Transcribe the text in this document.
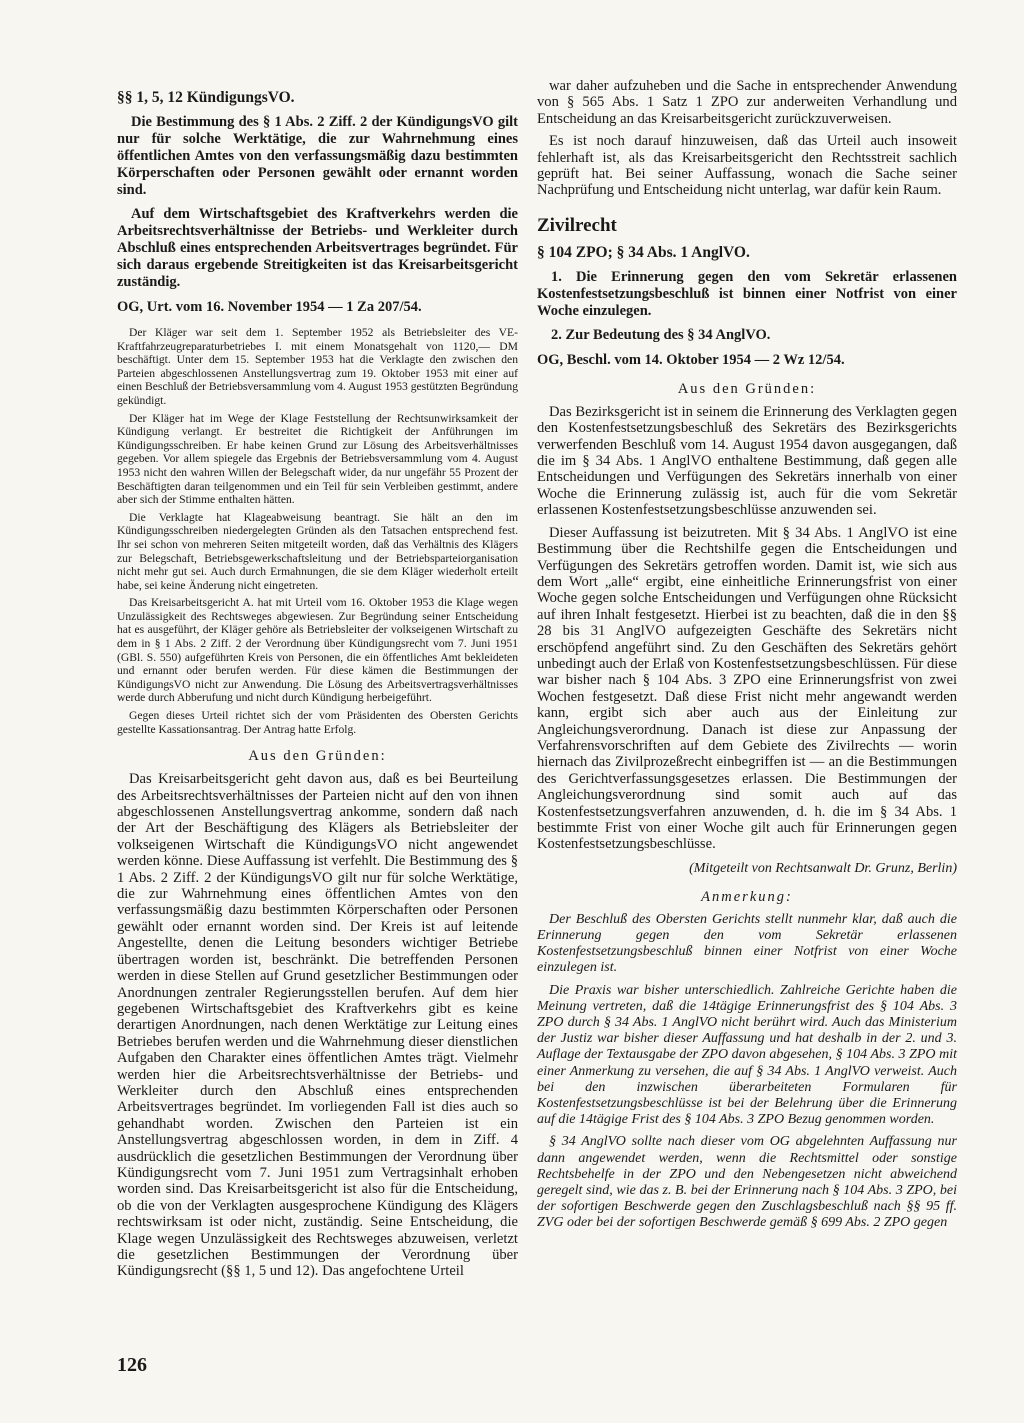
§§ 1, 5, 12 KündigungsVO.

Die Bestimmung des § 1 Abs. 2 Ziff. 2 der KündigungsVO gilt nur für solche Werktätige, die zur Wahrnehmung eines öffentlichen Amtes von den verfassungsmäßig dazu bestimmten Körperschaften oder Personen gewählt oder ernannt worden sind.

Auf dem Wirtschaftsgebiet des Kraftverkehrs werden die Arbeitsrechtsverhältnisse der Betriebs- und Werkleiter durch Abschluß eines entsprechenden Arbeitsvertrages begründet. Für sich daraus ergebende Streitigkeiten ist das Kreisarbeitsgericht zuständig.

OG, Urt. vom 16. November 1954 — 1 Za 207/54.

Der Kläger war seit dem 1. September 1952 als Betriebsleiter des VE-Kraftfahrzeugreparaturbetriebes I. mit einem Monatsgehalt von 1120,— DM beschäftigt. Unter dem 15. September 1953 hat die Verklagte den zwischen den Parteien abgeschlossenen Anstellungsvertrag zum 19. Oktober 1953 mit einer auf einen Beschluß der Betriebsversammlung vom 4. August 1953 gestützten Begründung gekündigt.

Der Kläger hat im Wege der Klage Feststellung der Rechtsunwirksamkeit der Kündigung verlangt. Er bestreitet die Richtigkeit der Anführungen im Kündigungsschreiben. Er habe keinen Grund zur Lösung des Arbeitsverhältnisses gegeben. Vor allem spiegele das Ergebnis der Betriebsversammlung vom 4. August 1953 nicht den wahren Willen der Belegschaft wider, da nur ungefähr 55 Prozent der Beschäftigten daran teilgenommen und ein Teil für sein Verbleiben gestimmt, andere aber sich der Stimme enthalten hätten.

Die Verklagte hat Klageabweisung beantragt. Sie hält an den im Kündigungsschreiben niedergelegten Gründen als den Tatsachen entsprechend fest. Ihr sei schon von mehreren Seiten mitgeteilt worden, daß das Verhältnis des Klägers zur Belegschaft, Betriebsgewerkschaftsleitung und der Betriebsparteiorganisation nicht mehr gut sei. Auch durch Ermahnungen, die sie dem Kläger wiederholt erteilt habe, sei keine Änderung nicht eingetreten.

Das Kreisarbeitsgericht A. hat mit Urteil vom 16. Oktober 1953 die Klage wegen Unzulässigkeit des Rechtsweges abgewiesen. Zur Begründung seiner Entscheidung hat es ausgeführt, der Kläger gehöre als Betriebsleiter der volkseigenen Wirtschaft zu dem in § 1 Abs. 2 Ziff. 2 der Verordnung über Kündigungsrecht vom 7. Juni 1951 (GBl. S. 550) aufgeführten Kreis von Personen, die ein öffentliches Amt bekleideten und ernannt oder berufen werden. Für diese kämen die Bestimmungen der KündigungsVO nicht zur Anwendung. Die Lösung des Arbeitsvertragsverhältnisses werde durch Abberufung und nicht durch Kündigung herbeigeführt.

Gegen dieses Urteil richtet sich der vom Präsidenten des Obersten Gerichts gestellte Kassationsantrag. Der Antrag hatte Erfolg.

Aus den Gründen:

Das Kreisarbeitsgericht geht davon aus, daß es bei Beurteilung des Arbeitsrechtsverhältnisses der Parteien nicht auf den von ihnen abgeschlossenen Anstellungsvertrag ankomme, sondern daß nach der Art der Beschäftigung des Klägers als Betriebsleiter der volkseigenen Wirtschaft die KündigungsVO nicht angewendet werden könne. Diese Auffassung ist verfehlt. Die Bestimmung des § 1 Abs. 2 Ziff. 2 der KündigungsVO gilt nur für solche Werktätige, die zur Wahrnehmung eines öffentlichen Amtes von den verfassungsmäßig dazu bestimmten Körperschaften oder Personen gewählt oder ernannt worden sind. Der Kreis ist auf leitende Angestellte, denen die Leitung besonders wichtiger Betriebe übertragen worden ist, beschränkt. Die betreffenden Personen werden in diese Stellen auf Grund gesetzlicher Bestimmungen oder Anordnungen zentraler Regierungsstellen berufen. Auf dem hier gegebenen Wirtschaftsgebiet des Kraftverkehrs gibt es keine derartigen Anordnungen, nach denen Werktätige zur Leitung eines Betriebes berufen werden und die Wahrnehmung dieser dienstlichen Aufgaben den Charakter eines öffentlichen Amtes trägt. Vielmehr werden hier die Arbeitsrechtsverhältnisse der Betriebs- und Werkleiter durch den Abschluß eines entsprechenden Arbeitsvertrages begründet. Im vorliegenden Fall ist dies auch so gehandhabt worden. Zwischen den Parteien ist ein Anstellungsvertrag abgeschlossen worden, in dem in Ziff. 4 ausdrücklich die gesetzlichen Bestimmungen der Verordnung über Kündigungsrecht vom 7. Juni 1951 zum Vertragsinhalt erhoben worden sind. Das Kreisarbeitsgericht ist also für die Entscheidung, ob die von der Verklagten ausgesprochene Kündigung des Klägers rechtswirksam ist oder nicht, zuständig. Seine Entscheidung, die Klage wegen Unzulässigkeit des Rechtsweges abzuweisen, verletzt die gesetzlichen Bestimmungen der Verordnung über Kündigungsrecht (§§ 1, 5 und 12). Das angefochtene Urteil

war daher aufzuheben und die Sache in entsprechender Anwendung von § 565 Abs. 1 Satz 1 ZPO zur anderweiten Verhandlung und Entscheidung an das Kreisarbeitsgericht zurückzuverweisen.

Es ist noch darauf hinzuweisen, daß das Urteil auch insoweit fehlerhaft ist, als das Kreisarbeitsgericht den Rechtsstreit sachlich geprüft hat. Bei seiner Auffassung, wonach die Sache seiner Nachprüfung und Entscheidung nicht unterlag, war dafür kein Raum.

Zivilrecht

§ 104 ZPO; § 34 Abs. 1 AnglVO.

1. Die Erinnerung gegen den vom Sekretär erlassenen Kostenfestsetzungsbeschluß ist binnen einer Notfrist von einer Woche einzulegen.

2. Zur Bedeutung des § 34 AnglVO.

OG, Beschl. vom 14. Oktober 1954 — 2 Wz 12/54.

Aus den Gründen:

Das Bezirksgericht ist in seinem die Erinnerung des Verklagten gegen den Kostenfestsetzungsbeschluß des Sekretärs des Bezirksgerichts verwerfenden Beschluß vom 14. August 1954 davon ausgegangen, daß die im § 34 Abs. 1 AnglVO enthaltene Bestimmung, daß gegen alle Entscheidungen und Verfügungen des Sekretärs innerhalb von einer Woche die Erinnerung zulässig ist, auch für die vom Sekretär erlassenen Kostenfestsetzungsbeschlüsse anzuwenden sei.

Dieser Auffassung ist beizutreten. Mit § 34 Abs. 1 AnglVO ist eine Bestimmung über die Rechtshilfe gegen die Entscheidungen und Verfügungen des Sekretärs getroffen worden. Damit ist, wie sich aus dem Wort „alle“ ergibt, eine einheitliche Erinnerungsfrist von einer Woche gegen solche Entscheidungen und Verfügungen ohne Rücksicht auf ihren Inhalt festgesetzt. Hierbei ist zu beachten, daß die in den §§ 28 bis 31 AnglVO aufgezeigten Geschäfte des Sekretärs nicht erschöpfend angeführt sind. Zu den Geschäften des Sekretärs gehört unbedingt auch der Erlaß von Kostenfestsetzungsbeschlüssen. Für diese war bisher nach § 104 Abs. 3 ZPO eine Erinnerungsfrist von zwei Wochen festgesetzt. Daß diese Frist nicht mehr angewandt werden kann, ergibt sich aber auch aus der Einleitung zur Angleichungsverordnung. Danach ist diese zur Anpassung der Verfahrensvorschriften auf dem Gebiete des Zivilrechts — worin hiernach das Zivilprozeßrecht einbegriffen ist — an die Bestimmungen des Gerichtverfassungsgesetzes erlassen. Die Bestimmungen der Angleichungsverordnung sind somit auch auf das Kostenfestsetzungsverfahren anzuwenden, d. h. die im § 34 Abs. 1 bestimmte Frist von einer Woche gilt auch für Erinnerungen gegen Kostenfestsetzungsbeschlüsse.

(Mitgeteilt von Rechtsanwalt Dr. Grunz, Berlin)

Anmerkung:

Der Beschluß des Obersten Gerichts stellt nunmehr klar, daß auch die Erinnerung gegen den vom Sekretär erlassenen Kostenfestsetzungsbeschluß binnen einer Notfrist von einer Woche einzulegen ist.

Die Praxis war bisher unterschiedlich. Zahlreiche Gerichte haben die Meinung vertreten, daß die 14tägige Erinnerungsfrist des § 104 Abs. 3 ZPO durch § 34 Abs. 1 AnglVO nicht berührt wird. Auch das Ministerium der Justiz war bisher dieser Auffassung und hat deshalb in der 2. und 3. Auflage der Textausgabe der ZPO davon abgesehen, § 104 Abs. 3 ZPO mit einer Anmerkung zu versehen, die auf § 34 Abs. 1 AnglVO verweist. Auch bei den inzwischen überarbeiteten Formularen für Kostenfestsetzungsbeschlüsse ist bei der Belehrung über die Erinnerung auf die 14tägige Frist des § 104 Abs. 3 ZPO Bezug genommen worden.

§ 34 AnglVO sollte nach dieser vom OG abgelehnten Auffassung nur dann angewendet werden, wenn die Rechtsmittel oder sonstige Rechtsbehelfe in der ZPO und den Nebengesetzen nicht abweichend geregelt sind, wie das z. B. bei der Erinnerung nach § 104 Abs. 3 ZPO, bei der sofortigen Beschwerde gegen den Zuschlagsbeschluß nach §§ 95 ff. ZVG oder bei der sofortigen Beschwerde gemäß § 699 Abs. 2 ZPO gegen

126
